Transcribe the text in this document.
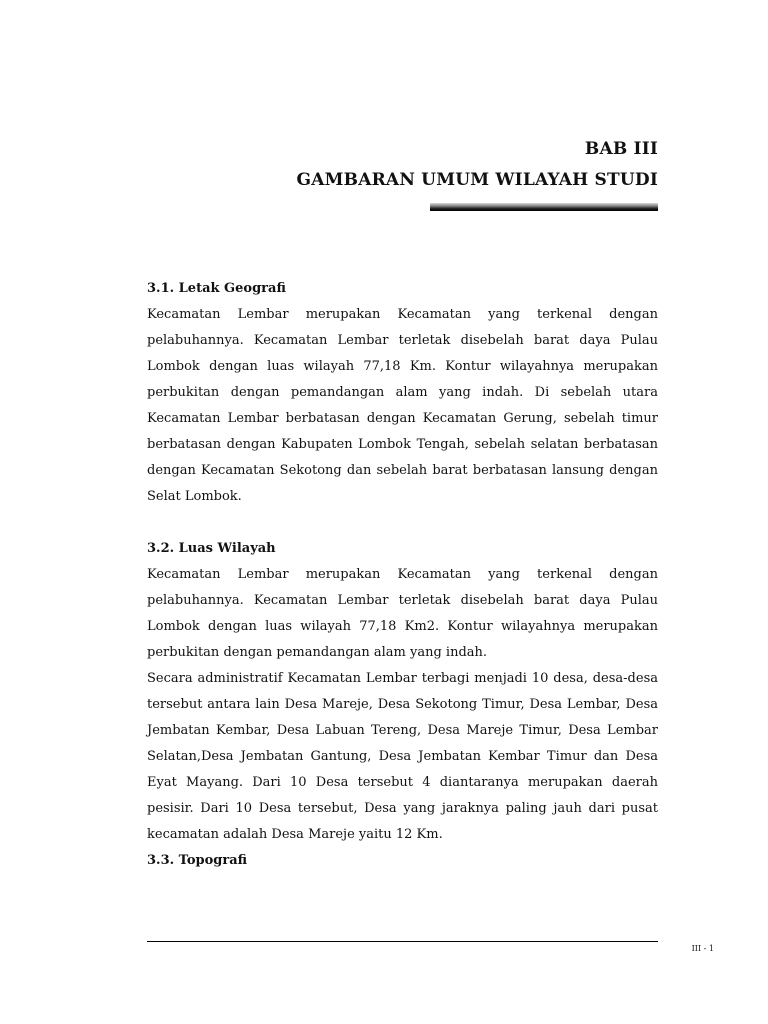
BAB III
GAMBARAN UMUM WILAYAH STUDI
3.1. Letak Geografi

Kecamatan Lembar merupakan Kecamatan yang terkenal dengan pelabuhannya. Kecamatan Lembar terletak disebelah barat daya Pulau Lombok dengan luas wilayah 77,18 Km. Kontur wilayahnya merupakan perbukitan dengan pemandangan alam yang indah. Di sebelah utara Kecamatan Lembar berbatasan dengan Kecamatan Gerung, sebelah timur berbatasan dengan Kabupaten Lombok Tengah, sebelah selatan berbatasan dengan Kecamatan Sekotong dan sebelah barat berbatasan lansung dengan Selat Lombok.

3.2. Luas Wilayah

Kecamatan Lembar merupakan Kecamatan yang terkenal dengan pelabuhannya. Kecamatan Lembar terletak disebelah barat daya Pulau Lombok dengan luas wilayah 77,18 Km2. Kontur wilayahnya merupakan perbukitan dengan pemandangan alam yang indah.

Secara administratif Kecamatan Lembar terbagi menjadi 10 desa, desa-desa tersebut antara lain Desa Mareje, Desa Sekotong Timur, Desa Lembar, Desa Jembatan Kembar, Desa Labuan Tereng, Desa Mareje Timur, Desa Lembar Selatan,Desa Jembatan Gantung, Desa Jembatan Kembar Timur dan Desa Eyat Mayang. Dari 10 Desa tersebut 4 diantaranya merupakan daerah pesisir. Dari 10 Desa tersebut, Desa yang jaraknya paling jauh dari pusat kecamatan adalah Desa Mareje yaitu 12 Km.

3.3. Topografi
III - 1
